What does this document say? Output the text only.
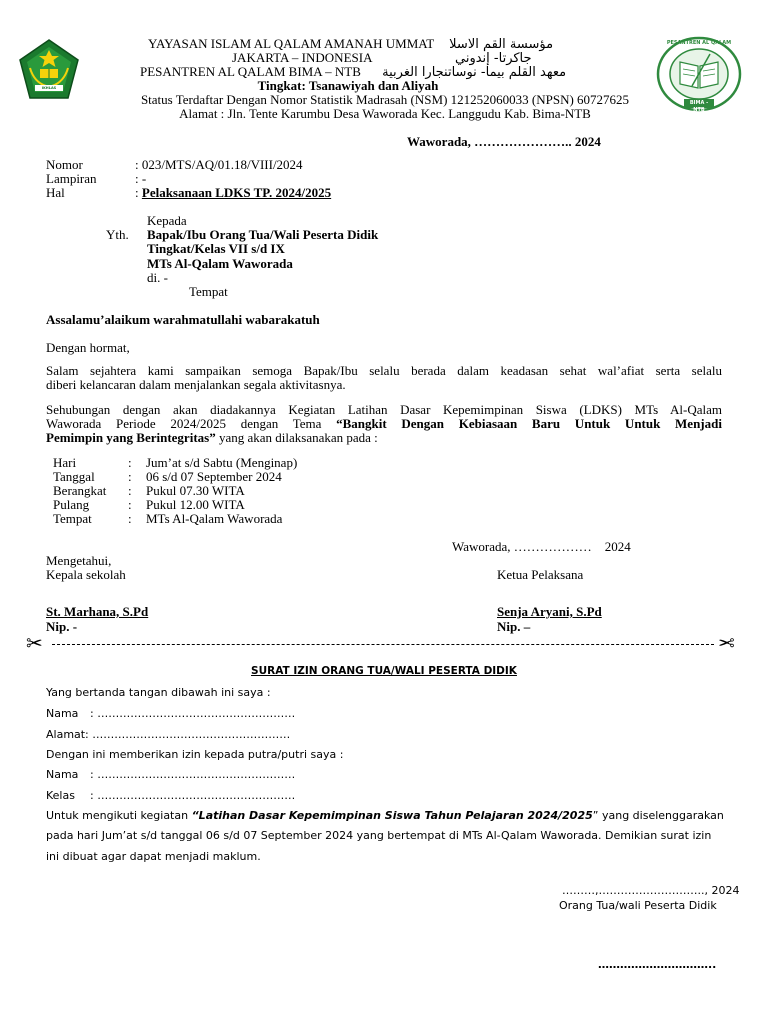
IKHLAS BERAMAL
PESANTREN AL QALAM
BIMA - NTB
YAYASAN ISLAM AL QALAM AMANAH UMMAT مؤسسة القم الاسلا
JAKARTA – INDONESIA	جاكرتا- إندوني
PESANTREN AL QALAM BIMA – NTB معهد القلم بيما- نوساتنجارا الغربية
Tingkat: Tsanawiyah dan Aliyah
Status Terdaftar Dengan Nomor Statistik Madrasah (NSM) 121252060033 (NPSN) 60727625
Alamat : Jln. Tente Karumbu Desa Waworada Kec. Langgudu Kab. Bima-NTB
Waworada, ………………….. 2024
Nomor	: 023/MTS/AQ/01.18/VIII/2024
Lampiran	: -
Hal	: Pelaksanaan LDKS TP. 2024/2025
Kepada
Yth. Bapak/Ibu Orang Tua/Wali Peserta Didik
Tingkat/Kelas VII s/d IX
MTs Al-Qalam Waworada
di. -
Tempat
Assalamu’alaikum warahmatullahi wabarakatuh
Dengan hormat,
Salam sejahtera kami sampaikan semoga Bapak/Ibu selalu berada dalam keadasan sehat wal’afiat serta selalu
diberi kelancaran dalam menjalankan segala aktivitasnya.
Sehubungan dengan akan diadakannya Kegiatan Latihan Dasar Kepemimpinan Siswa (LDKS) MTs Al-Qalam
Waworada Periode 2024/2025 dengan Tema “Bangkit Dengan Kebiasaan Baru Untuk Untuk Menjadi
Pemimpin yang Berintegritas” yang akan dilaksanakan pada :
Hari	: Jum’at s/d Sabtu (Menginap)
Tanggal	: 06 s/d 07 September 2024
Berangkat : Pukul 07.30 WITA
Pulang	: Pukul 12.00 WITA
Tempat	: MTs Al-Qalam Waworada
Waworada, ………………    2024
Mengetahui,
Kepala sekolah	Ketua Pelaksana
St. Marhana, S.Pd
Nip. -
Senja Aryani, S.Pd
Nip. –
✂	✂
SURAT IZIN ORANG TUA/WALI PESERTA DIDIK
Yang bertanda tangan dibawah ini saya :
Nama : ………………………………………………
Alamat : ………………………………………………
Dengan ini memberikan izin kepada putra/putri saya :
Nama : ………………………………………………
Kelas : ………………………………………………
Untuk mengikuti kegiatan “Latihan Dasar Kepemimpinan Siswa Tahun Pelajaran 2024/2025” yang diselenggarakan
pada hari Jum’at s/d tanggal 06 s/d 07 September 2024 yang bertempat di MTs Al-Qalam Waworada. Demikian surat izin
ini dibuat agar dapat menjadi maklum.
………,……………………….., 2024
Orang Tua/wali Peserta Didik
…………………………..
